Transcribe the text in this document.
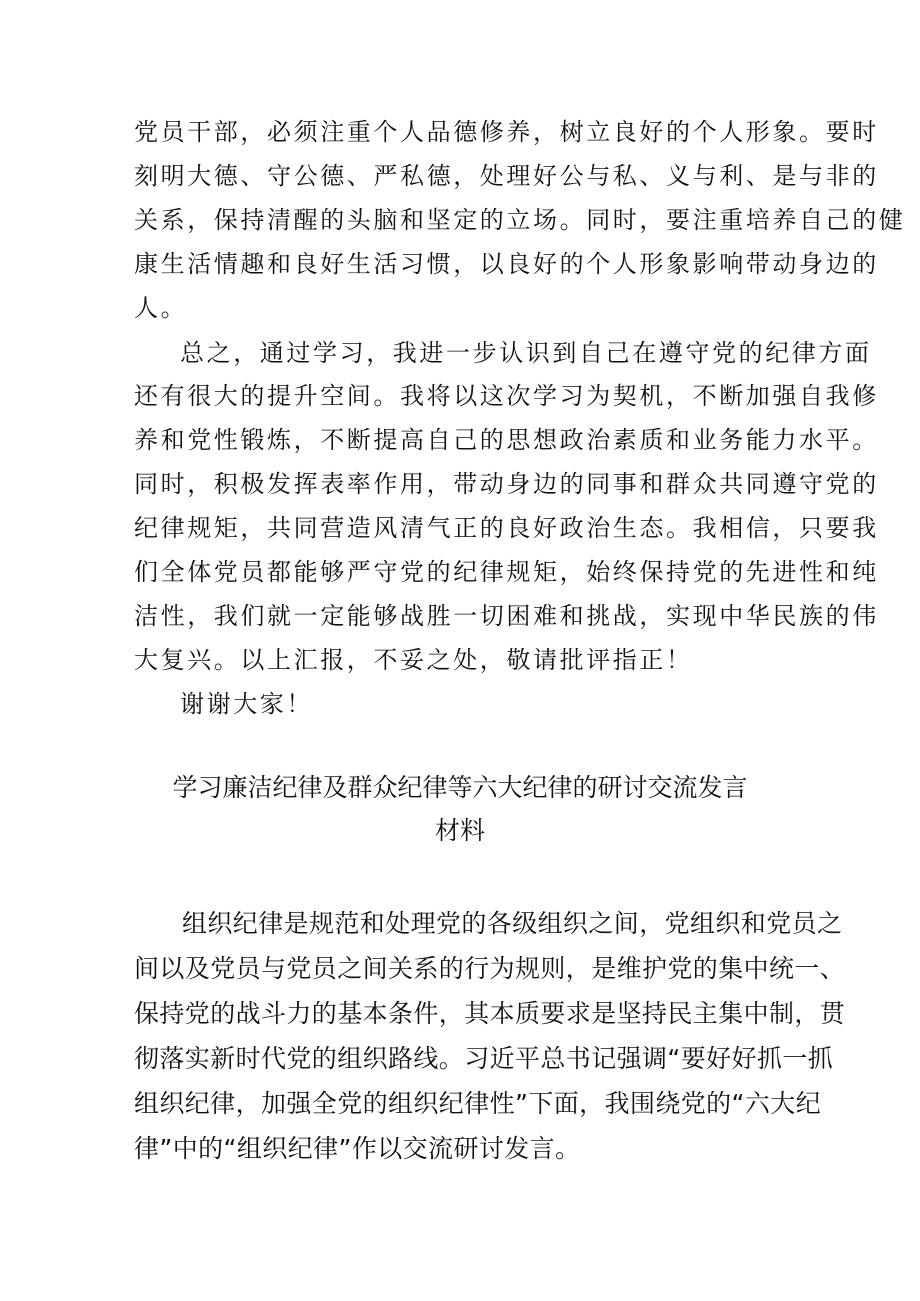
党员干部，必须注重个人品德修养，树立良好的个人形象。要时

刻明大德、守公德、严私德，处理好公与私、义与利、是与非的

关系，保持清醒的头脑和坚定的立场。同时，要注重培养自己的健

康生活情趣和良好生活习惯，以良好的个人形象影响带动身边的

人。

总之，通过学习，我进一步认识到自己在遵守党的纪律方面

还有很大的提升空间。我将以这次学习为契机，不断加强自我修

养和党性锻炼，不断提高自己的思想政治素质和业务能力水平。

同时，积极发挥表率作用，带动身边的同事和群众共同遵守党的

纪律规矩，共同营造风清气正的良好政治生态。我相信，只要我

们全体党员都能够严守党的纪律规矩，始终保持党的先进性和纯

洁性，我们就一定能够战胜一切困难和挑战，实现中华民族的伟

大复兴。以上汇报，不妥之处，敬请批评指正！

谢谢大家！

学习廉洁纪律及群众纪律等六大纪律的研讨交流发言

材料

组织纪律是规范和处理党的各级组织之间，党组织和党员之

间以及党员与党员之间关系的行为规则，是维护党的集中统一、

保持党的战斗力的基本条件，其本质要求是坚持民主集中制，贯

彻落实新时代党的组织路线。习近平总书记强调“要好好抓一抓

组织纪律，加强全党的组织纪律性”下面，我围绕党的“六大纪

律”中的“组织纪律”作以交流研讨发言。
